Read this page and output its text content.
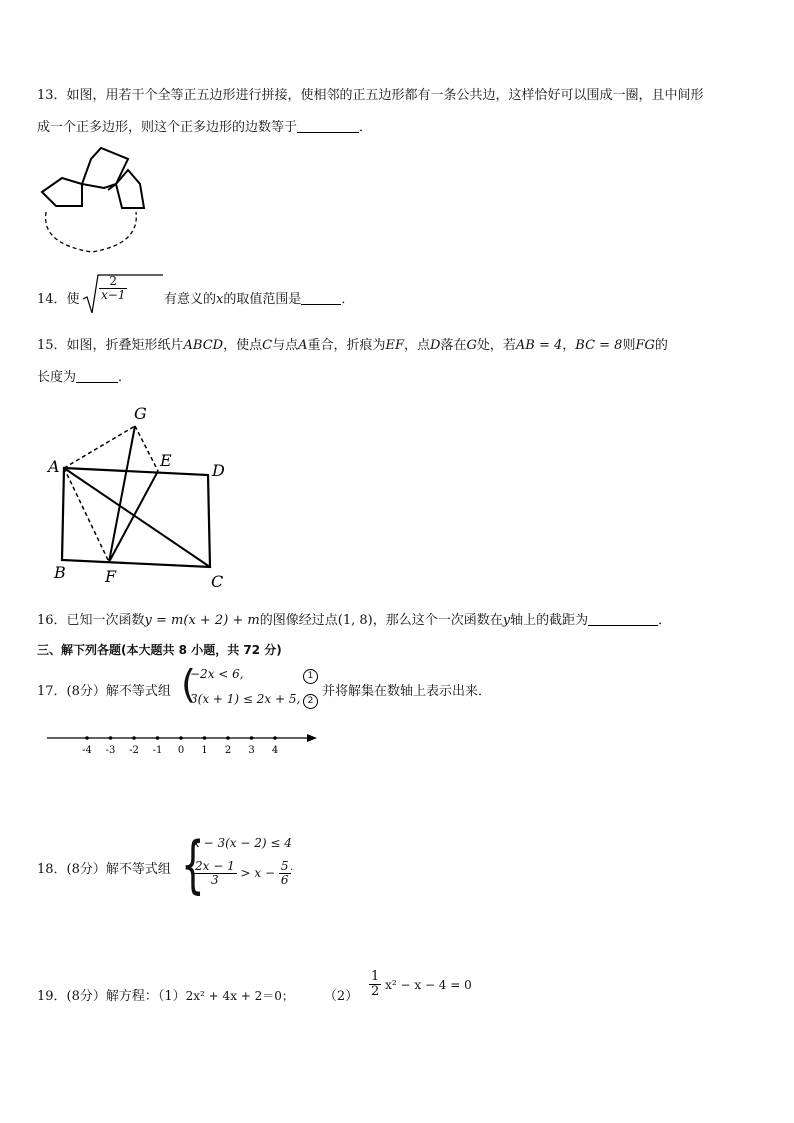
13．如图，用若干个全等正五边形进行拼接，使相邻的正五边形都有一条公共边，这样恰好可以围成一圈，且中间形
成一个正多边形，则这个正多边形的边数等于	．
14．使 $\frac{2}{x-1}$	有意义的x的取值范围是	．
15．如图，折叠矩形纸片ABCD，使点C与点A重合，折痕为EF，点D落在G处，若AB = 4，BC = 8则FG的
长度为	．
G
E
D
A
B F	C
16．已知一次函数y = m(x + 2) + m的图像经过点(1, 8)，那么这个一次函数在y轴上的截距为	．
三、解下列各题(本大题共 8 小题，共 72 分)
17．(8分）解不等式组 (
−2x < 6,
3(x + 1) ≤ 2x + 5,
1
2
并将解集在数轴上表示出来．
-4 -3 -2 -1 0 1 2 3 4
18．(8分）解不等式组 {
x − 3(x − 2) ≤ 4
$\frac{2x - 1}{3} > x - \frac{5}{6}$ .
19．(8分）解方程：（1）2x² + 4x + 2＝0； $(2) \frac{1}{2} x^2 - x - 4 = 0$
